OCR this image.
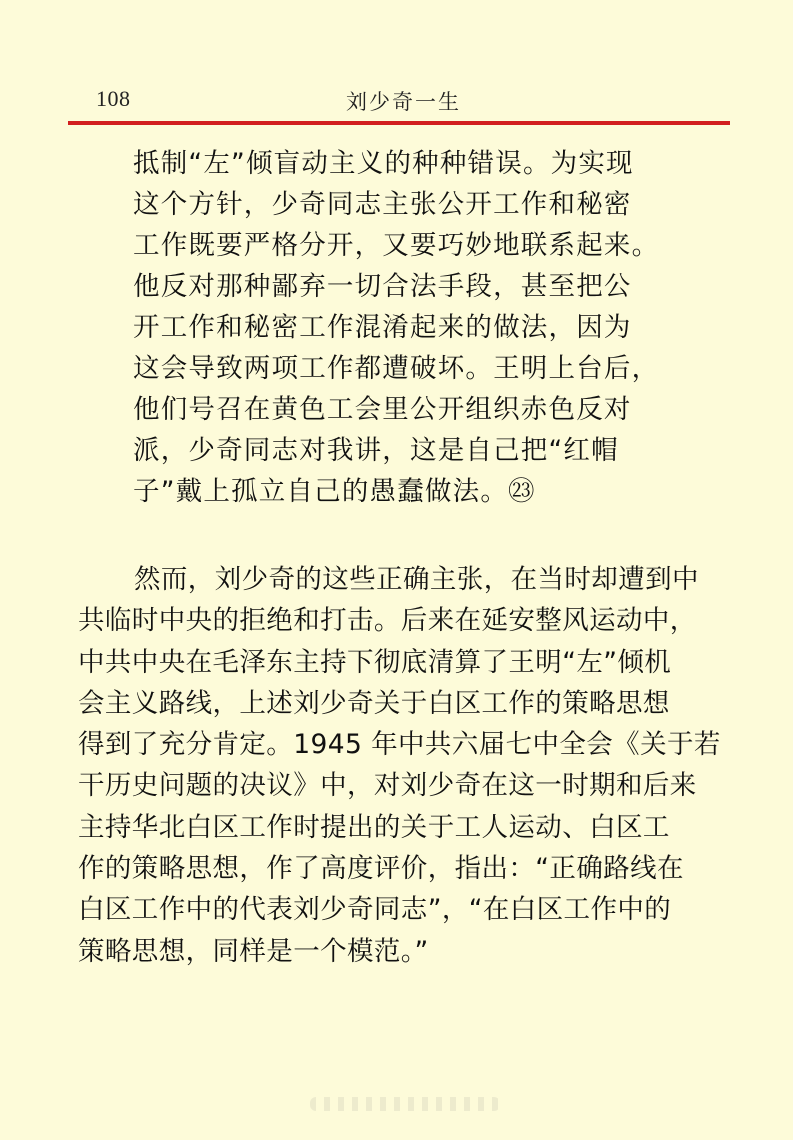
108	刘少奇一生
抵制“左”倾盲动主义的种种错误。为实现
这个方针，少奇同志主张公开工作和秘密
工作既要严格分开，又要巧妙地联系起来。
他反对那种鄙弃一切合法手段，甚至把公
开工作和秘密工作混淆起来的做法，因为
这会导致两项工作都遭破坏。王明上台后，
他们号召在黄色工会里公开组织赤色反对
派，少奇同志对我讲，这是自己把“红帽
子”戴上孤立自己的愚蠢做法。㉓
然而，刘少奇的这些正确主张，在当时却遭到中
共临时中央的拒绝和打击。后来在延安整风运动中，
中共中央在毛泽东主持下彻底清算了王明“左”倾机
会主义路线，上述刘少奇关于白区工作的策略思想
得到了充分肯定。1945 年中共六届七中全会《关于若
干历史问题的决议》中，对刘少奇在这一时期和后来
主持华北白区工作时提出的关于工人运动、白区工
作的策略思想，作了高度评价，指出：“正确路线在
白区工作中的代表刘少奇同志”，“在白区工作中的
策略思想，同样是一个模范。”
